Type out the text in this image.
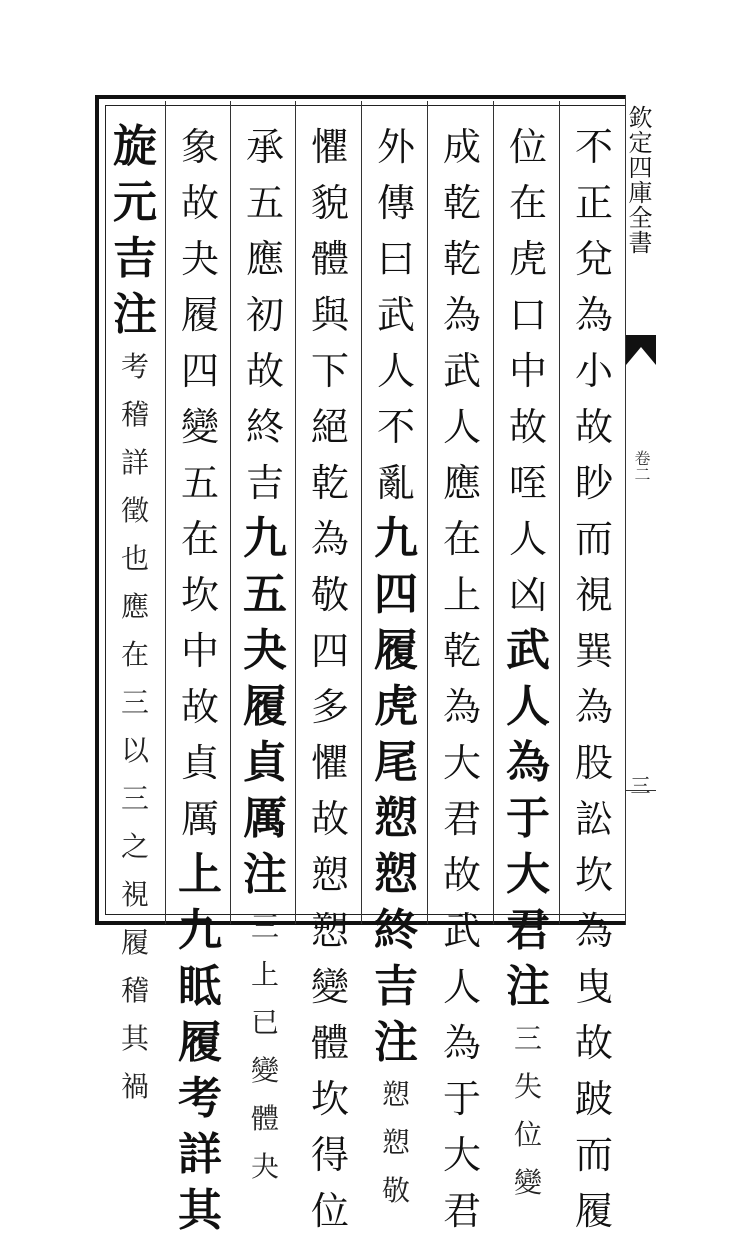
不
正
兌
為
小
故
眇
而
視
巽
為
股
訟
坎
為
曳
故
跛
而
履
位
在
虎
口
中
故
咥
人
凶
武
人
為
于
大
君
注
三
失
位
變
成
乾
乾
為
武
人
應
在
上
乾
為
大
君
故
武
人
為
于
大
君
外
傳
曰
武
人
不
亂
九
四
履
虎
尾
愬
愬
終
吉
注
愬
愬
敬
懼
貌
體
與
下
絕
乾
為
敬
四
多
懼
故
愬
愬
變
體
坎
得
位
承
五
應
初
故
終
吉
九
五
夬
履
貞
厲
注
三
上
已
變
體
夬
象
故
夬
履
四
變
五
在
坎
中
故
貞
厲
上
九
眡
履
考
詳
其
旋
元
吉
注
考
稽
詳
徵
也
應
在
三
以
三
之
視
履
稽
其
禍
欽定四庫全書
卷二
三
